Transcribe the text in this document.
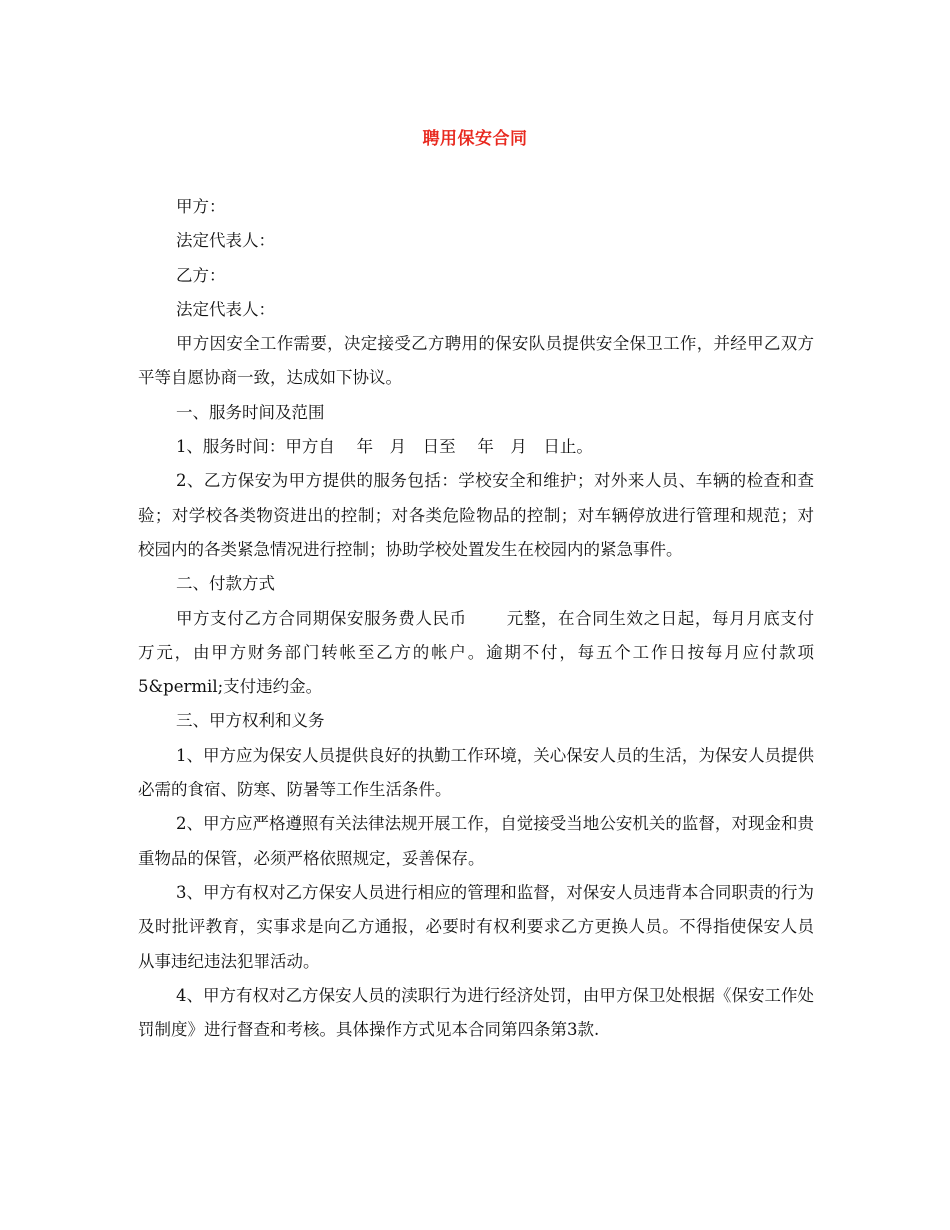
聘用保安合同

甲方：

法定代表人：

乙方：

法定代表人：

甲方因安全工作需要，决定接受乙方聘用的保安队员提供安全保卫工作，并经甲乙双方平等自愿协商一致，达成如下协议。

一、服务时间及范围

1、服务时间：甲方自　 年　月　日至　 年　月　日止。

2、乙方保安为甲方提供的服务包括：学校安全和维护；对外来人员、车辆的检查和查验；对学校各类物资进出的控制；对各类危险物品的控制；对车辆停放进行管理和规范；对校园内的各类紧急情况进行控制；协助学校处置发生在校园内的紧急事件。

二、付款方式

甲方支付乙方合同期保安服务费人民币　　 元整，在合同生效之日起，每月月底支付　万元，由甲方财务部门转帐至乙方的帐户。逾期不付，每五个工作日按每月应付款项5&permil;支付违约金。

三、甲方权利和义务

1、甲方应为保安人员提供良好的执勤工作环境，关心保安人员的生活，为保安人员提供必需的食宿、防寒、防暑等工作生活条件。

2、甲方应严格遵照有关法律法规开展工作，自觉接受当地公安机关的监督，对现金和贵重物品的保管，必须严格依照规定，妥善保存。

3、甲方有权对乙方保安人员进行相应的管理和监督，对保安人员违背本合同职责的行为及时批评教育，实事求是向乙方通报，必要时有权利要求乙方更换人员。不得指使保安人员从事违纪违法犯罪活动。

4、甲方有权对乙方保安人员的渎职行为进行经济处罚，由甲方保卫处根据《保安工作处罚制度》进行督查和考核。具体操作方式见本合同第四条第3款.
